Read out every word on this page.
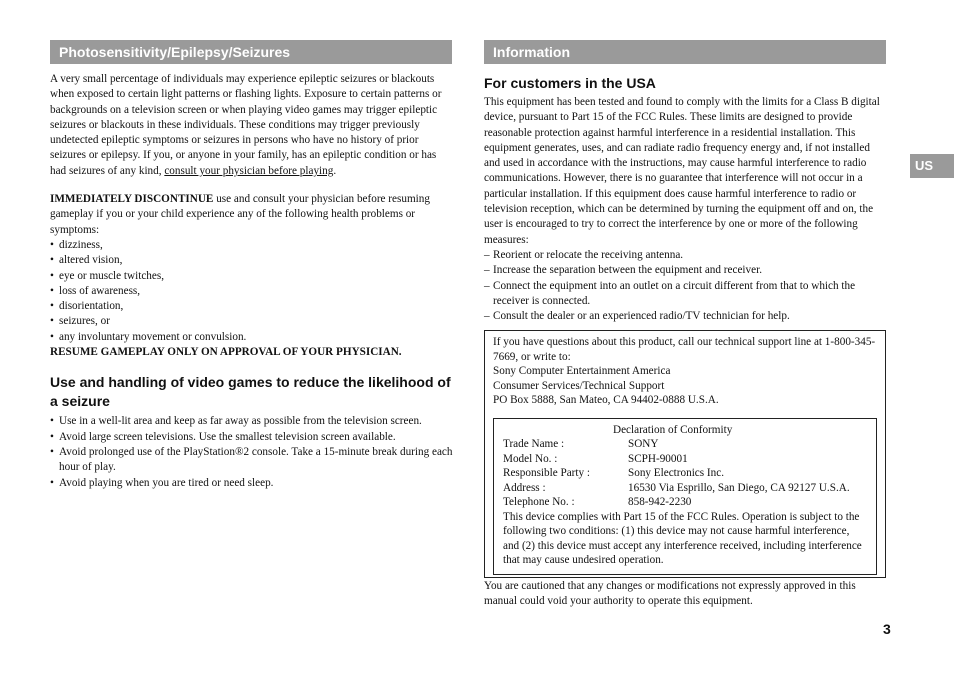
Photosensitivity/Epilepsy/Seizures	Information

A very small percentage of individuals may experience epileptic seizures or blackouts when exposed to certain light patterns or flashing lights. Exposure to certain patterns or backgrounds on a television screen or when playing video games may trigger epileptic seizures or blackouts in these individuals. These conditions may trigger previously undetected epileptic symptoms or seizures in persons who have no history of prior seizures or epilepsy. If you, or anyone in your family, has an epileptic condition or has had seizures of any kind, consult your physician before playing.

IMMEDIATELY DISCONTINUE use and consult your physician before resuming gameplay if you or your child experience any of the following health problems or symptoms:

• dizziness,
• altered vision,
• eye or muscle twitches,
• loss of awareness,
• disorientation,
• seizures, or
• any involuntary movement or convulsion.

RESUME GAMEPLAY ONLY ON APPROVAL OF YOUR PHYSICIAN.

Use and handling of video games to reduce the likelihood of a seizure
• Use in a well-lit area and keep as far away as possible from the television screen.
• Avoid large screen televisions. Use the smallest television screen available.
• Avoid prolonged use of the PlayStation®2 console. Take a 15-minute break during each hour of play.
• Avoid playing when you are tired or need sleep.
For customers in the USA

This equipment has been tested and found to comply with the limits for a Class B digital device, pursuant to Part 15 of the FCC Rules. These limits are designed to provide reasonable protection against harmful interference in a residential installation. This equipment generates, uses, and can radiate radio frequency energy and, if not installed and used in accordance with the instructions, may cause harmful interference to radio communications. However, there is no guarantee that interference will not occur in a particular installation. If this equipment does cause harmful interference to radio or television reception, which can be determined by turning the equipment off and on, the user is encouraged to try to correct the interference by one or more of the following measures:

– Reorient or relocate the receiving antenna.
– Increase the separation between the equipment and receiver.
– Connect the equipment into an outlet on a circuit different from that to which the receiver is connected.
– Consult the dealer or an experienced radio/TV technician for help.

If you have questions about this product, call our technical support line at 1-800-345-7669, or write to:

Sony Computer Entertainment America

Consumer Services/Technical Support

PO Box 5888, San Mateo, CA 94402-0888 U.S.A.

Declaration of Conformity

Trade Name :	SONY
Model No. :	SCPH-90001
Responsible Party :	Sony Electronics Inc.
Address :	16530 Via Esprillo, San Diego, CA 92127 U.S.A.
Telephone No. :	858-942-2230

This device complies with Part 15 of the FCC Rules. Operation is subject to the following two conditions: (1) this device may not cause harmful interference, and (2) this device must accept any interference received, including interference that may cause undesired operation.

You are cautioned that any changes or modifications not expressly approved in this manual could void your authority to operate this equipment.

US
3
